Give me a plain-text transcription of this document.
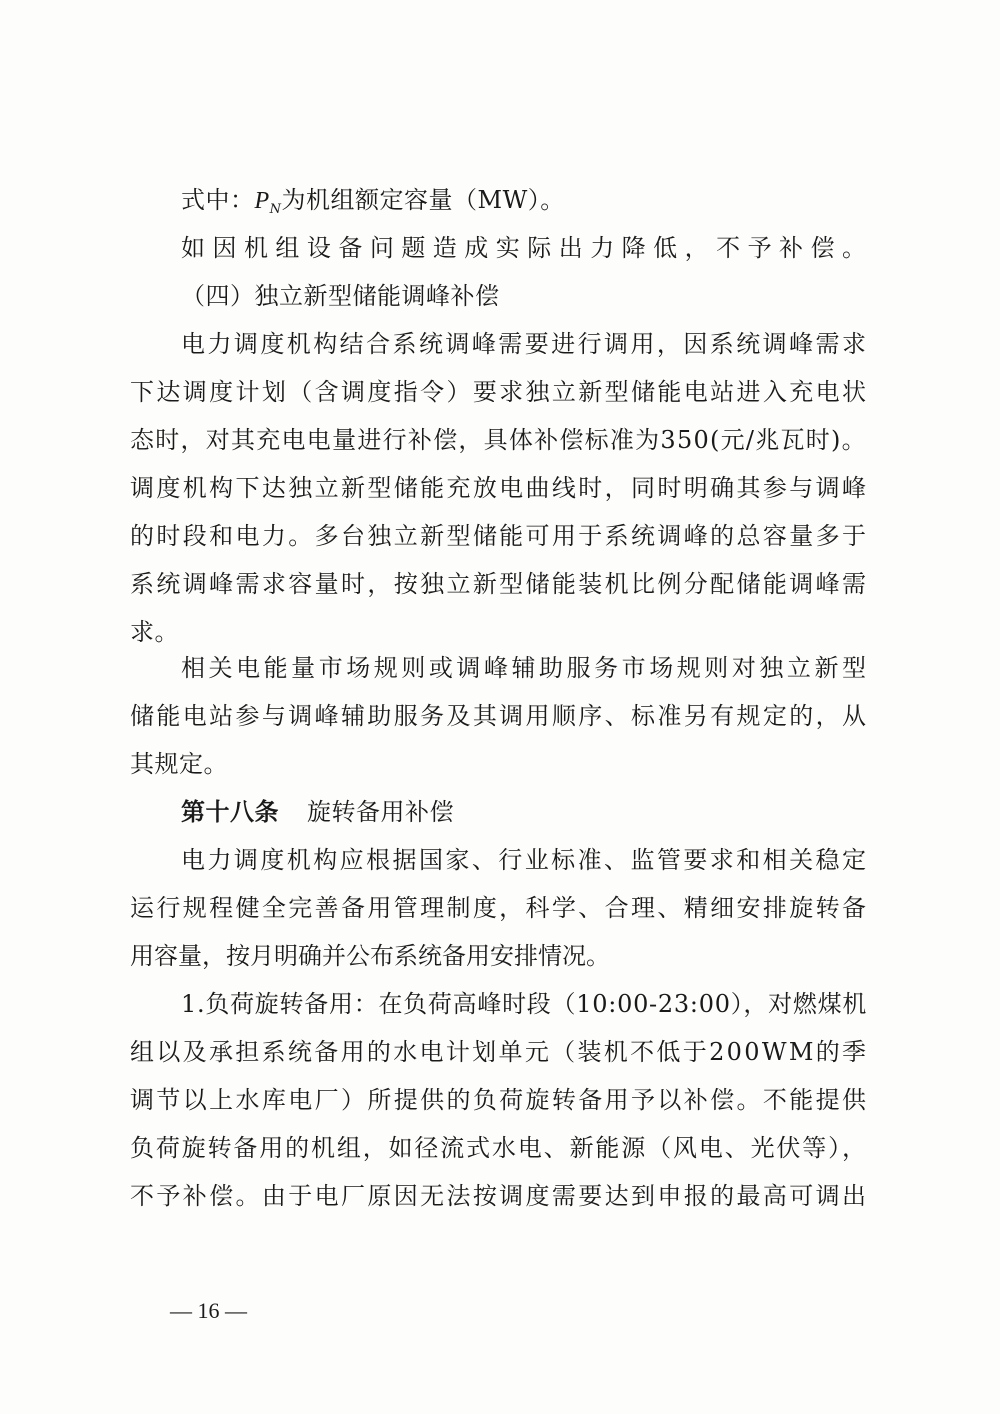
式中：$P_N$为机组额定容量（MW）。
如因机组设备问题造成实际出力降低，不予补偿。
（四）独立新型储能调峰补偿
电力调度机构结合系统调峰需要进行调用，因系统调峰需求
下达调度计划（含调度指令）要求独立新型储能电站进入充电状
态时，对其充电电量进行补偿，具体补偿标准为350(元/兆瓦时)。
调度机构下达独立新型储能充放电曲线时，同时明确其参与调峰
的时段和电力。多台独立新型储能可用于系统调峰的总容量多于
系统调峰需求容量时，按独立新型储能装机比例分配储能调峰需
求。
相关电能量市场规则或调峰辅助服务市场规则对独立新型
储能电站参与调峰辅助服务及其调用顺序、标准另有规定的，从
其规定。
第十八条 旋转备用补偿
电力调度机构应根据国家、行业标准、监管要求和相关稳定
运行规程健全完善备用管理制度，科学、合理、精细安排旋转备
用容量，按月明确并公布系统备用安排情况。
1.负荷旋转备用：在负荷高峰时段（10:00-23:00），对燃煤机
组以及承担系统备用的水电计划单元（装机不低于200WM的季
调节以上水库电厂）所提供的负荷旋转备用予以补偿。不能提供
负荷旋转备用的机组，如径流式水电、新能源（风电、光伏等），
不予补偿。由于电厂原因无法按调度需要达到申报的最高可调出
— 16 —
